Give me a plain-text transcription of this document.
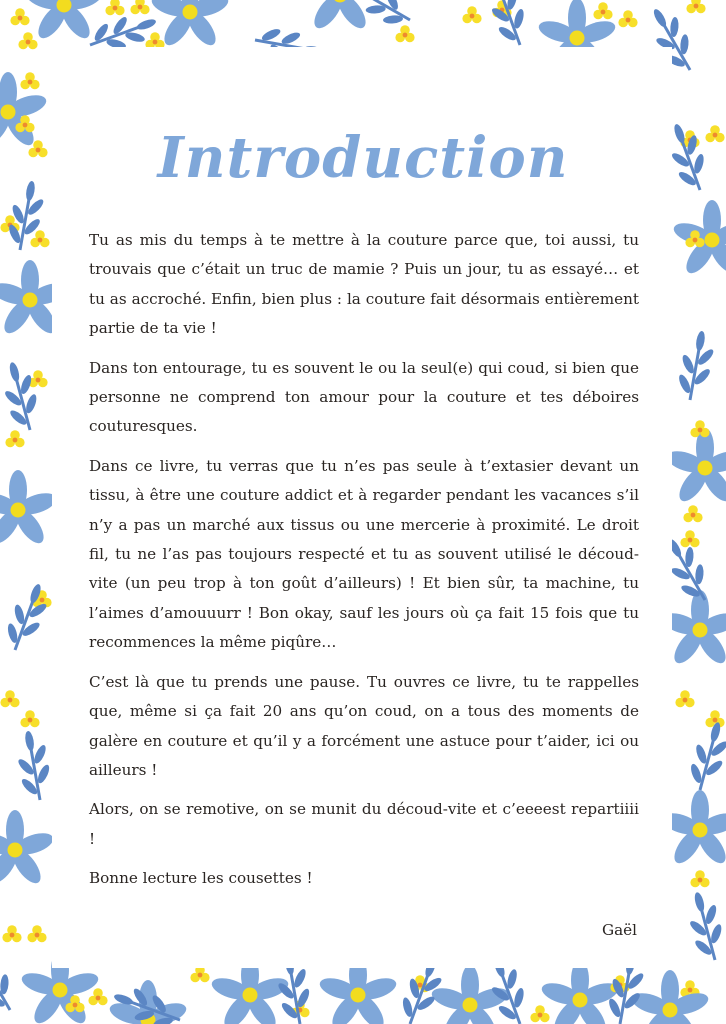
Introduction

Tu as mis du temps à te mettre à la couture parce que, toi aussi, tu trouvais que c’était un truc de mamie ? Puis un jour, tu as essayé… et tu as accroché. Enfin, bien plus : la couture fait désormais entièrement partie de ta vie !

Dans ton entourage, tu es souvent le ou la seul(e) qui coud, si bien que personne ne comprend ton amour pour la couture et tes déboires couturesques.

Dans ce livre, tu verras que tu n’es pas seule à t’extasier devant un tissu, à être une couture addict et à regarder pendant les vacances s’il n’y a pas un marché aux tissus ou une mercerie à proximité. Le droit fil, tu ne l’as pas toujours respecté et tu as souvent utilisé le découd-vite (un peu trop à ton goût d’ailleurs) ! Et bien sûr, ta machine, tu l’aimes d’amouuurr ! Bon okay, sauf les jours où ça fait 15 fois que tu recommences la même piqûre…

C’est là que tu prends une pause. Tu ouvres ce livre, tu te rappelles que, même si ça fait 20 ans qu’on coud, on a tous des moments de galère en couture et qu’il y a forcément une astuce pour t’aider, ici ou ailleurs !

Alors, on se remotive, on se munit du découd-vite et c’eeeest repartiiii !

Bonne lecture les cousettes !

Gaël
